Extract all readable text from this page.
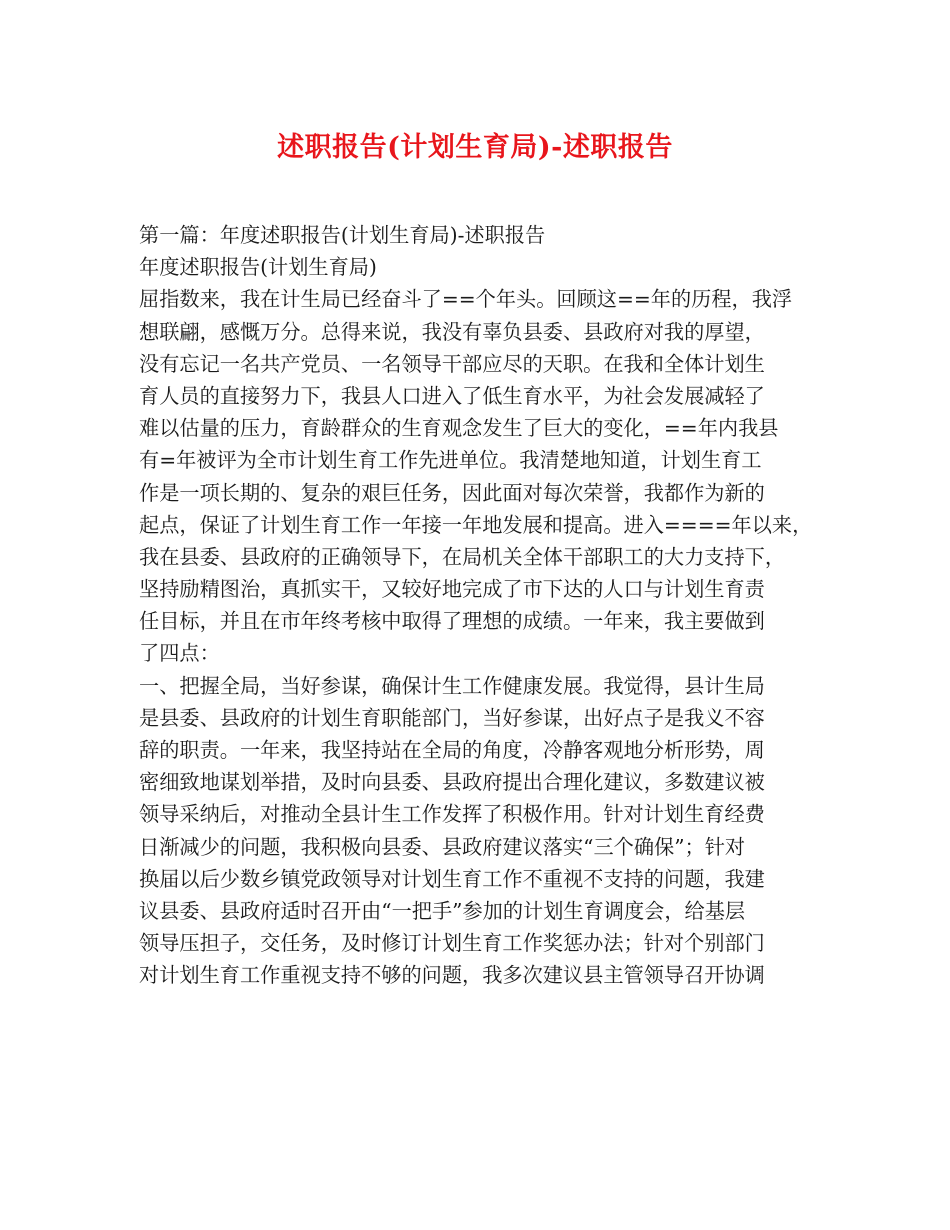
述职报告(计划生育局)-述职报告
第一篇：年度述职报告(计划生育局)-述职报告
年度述职报告(计划生育局)
屈指数来，我在计生局已经奋斗了==个年头。回顾这==年的历程，我浮
想联翩，感慨万分。总得来说，我没有辜负县委、县政府对我的厚望，
没有忘记一名共产党员、一名领导干部应尽的天职。在我和全体计划生
育人员的直接努力下，我县人口进入了低生育水平，为社会发展减轻了
难以估量的压力，育龄群众的生育观念发生了巨大的变化，==年内我县
有=年被评为全市计划生育工作先进单位。我清楚地知道，计划生育工
作是一项长期的、复杂的艰巨任务，因此面对每次荣誉，我都作为新的
起点，保证了计划生育工作一年接一年地发展和提高。进入====年以来，
我在县委、县政府的正确领导下，在局机关全体干部职工的大力支持下，
坚持励精图治，真抓实干，又较好地完成了市下达的人口与计划生育责
任目标，并且在市年终考核中取得了理想的成绩。一年来，我主要做到
了四点：
一、把握全局，当好参谋，确保计生工作健康发展。我觉得，县计生局
是县委、县政府的计划生育职能部门，当好参谋，出好点子是我义不容
辞的职责。一年来，我坚持站在全局的角度，冷静客观地分析形势，周
密细致地谋划举措，及时向县委、县政府提出合理化建议，多数建议被
领导采纳后，对推动全县计生工作发挥了积极作用。针对计划生育经费
日渐减少的问题，我积极向县委、县政府建议落实“三个确保”；针对
换届以后少数乡镇党政领导对计划生育工作不重视不支持的问题，我建
议县委、县政府适时召开由“一把手”参加的计划生育调度会，给基层
领导压担子，交任务，及时修订计划生育工作奖惩办法；针对个别部门
对计划生育工作重视支持不够的问题，我多次建议县主管领导召开协调
